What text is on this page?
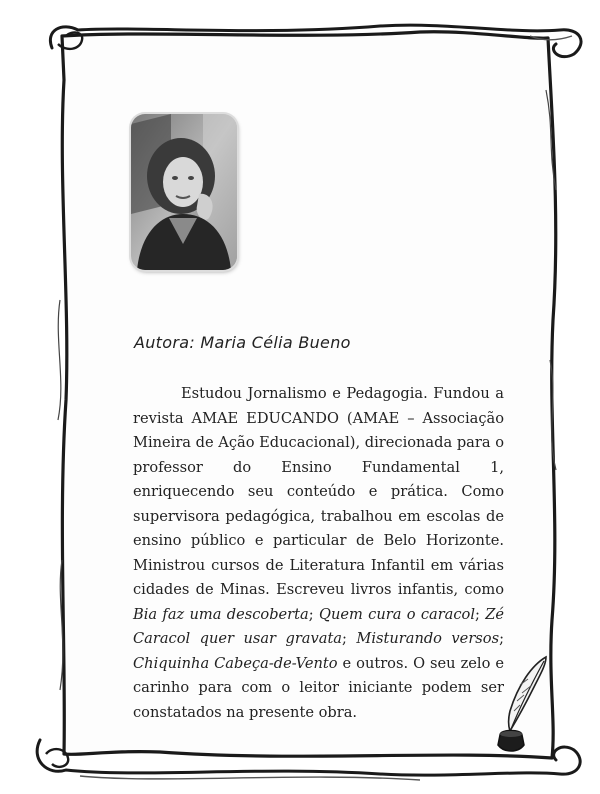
Autora: Maria Célia Bueno

Estudou Jornalismo e Pedagogia. Fundou a revista AMAE EDUCANDO (AMAE – Associação Mineira de Ação Educacional), direcionada para o professor do Ensino Fundamental 1, enriquecendo seu conteúdo e prática. Como supervisora pedagógica, trabalhou em escolas de ensino público e particular de Belo Horizonte. Ministrou cursos de Literatura Infantil em várias cidades de Minas. Escreveu livros infantis, como Bia faz uma descoberta; Quem cura o caracol; Zé Caracol quer usar gravata; Misturando versos; Chiquinha Cabeça-de-Vento e outros. O seu zelo e carinho para com o leitor iniciante podem ser constatados na presente obra.
